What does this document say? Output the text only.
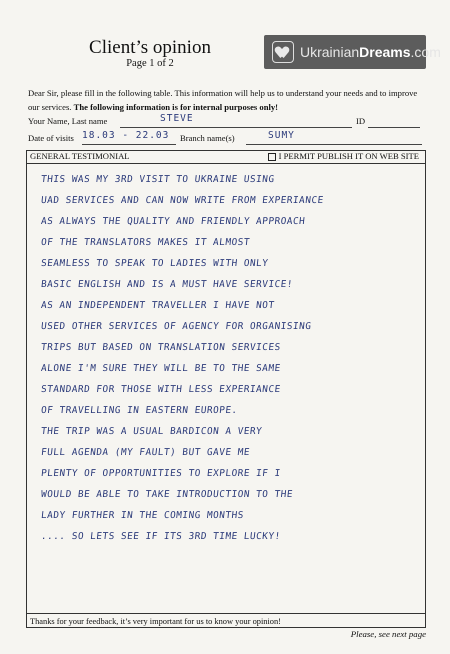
Client’s opinion
Page 1 of 2
UkrainianDreams.com
Dear Sir, please fill in the following table. This information will help us to understand your needs and to improve our services. The following information is for internal purposes only!
Your Name, Last name	STEVE	ID
Date of visits 18.03 - 22.03 Branch name(s)	SUMY
GENERAL TESTIMONIAL	I PERMIT PUBLISH IT ON WEB SITE
THIS WAS MY 3RD VISIT TO UKRAINE USING
UAD SERVICES AND CAN NOW WRITE FROM EXPERIANCE
AS ALWAYS THE QUALITY AND FRIENDLY APPROACH
OF THE TRANSLATORS MAKES IT ALMOST
SEAMLESS TO SPEAK TO LADIES WITH ONLY
BASIC ENGLISH AND IS A MUST HAVE SERVICE!
AS AN INDEPENDENT TRAVELLER I HAVE NOT
USED OTHER SERVICES OF AGENCY FOR ORGANISING
TRIPS BUT BASED ON TRANSLATION SERVICES
ALONE I'M SURE THEY WILL BE TO THE SAME
STANDARD FOR THOSE WITH LESS EXPERIANCE
OF TRAVELLING IN EASTERN EUROPE.
THE TRIP WAS A USUAL BARDICON A VERY
FULL AGENDA (MY FAULT) BUT GAVE ME
PLENTY OF OPPORTUNITIES TO EXPLORE IF I
WOULD BE ABLE TO TAKE INTRODUCTION TO THE
LADY FURTHER IN THE COMING MONTHS
.... SO LETS SEE IF ITS 3RD TIME LUCKY!
Thanks for your feedback, it’s very important for us to know your opinion!
Please, see next page
